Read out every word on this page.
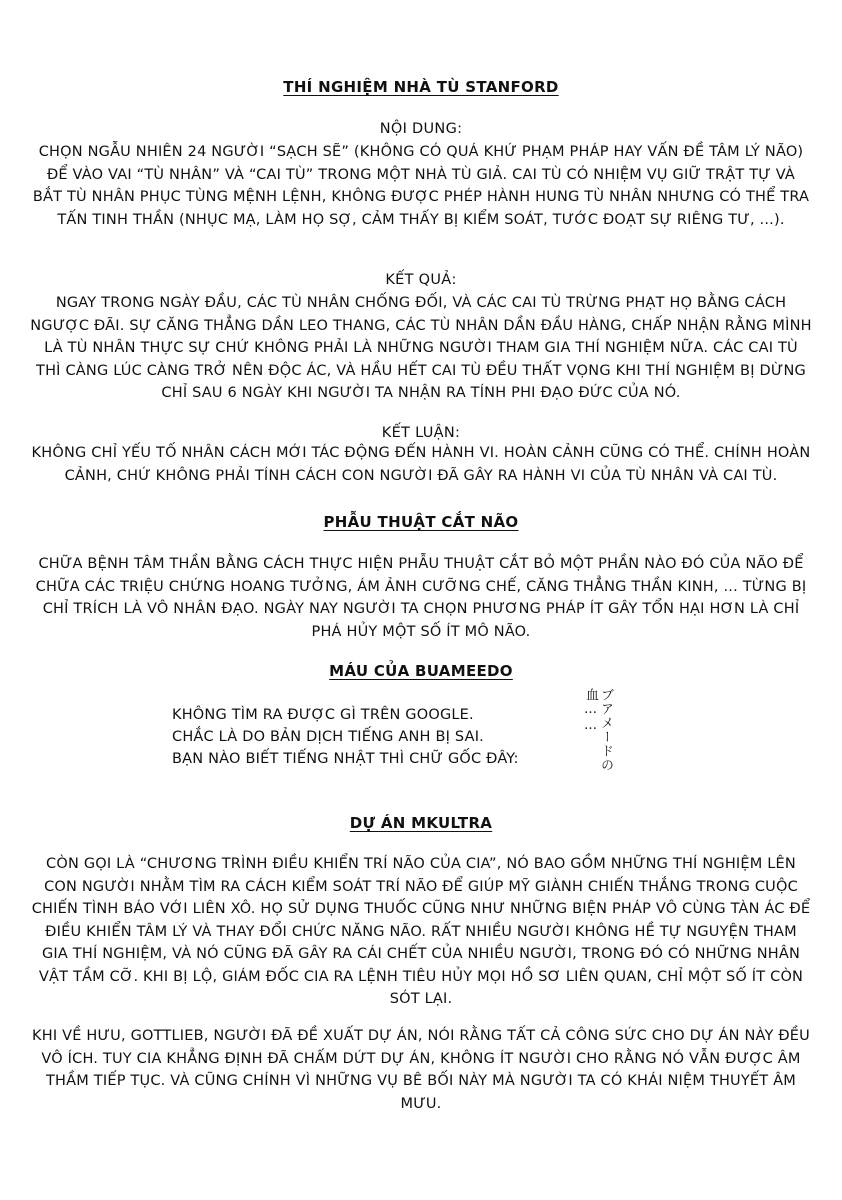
THÍ NGHIỆM NHÀ TÙ STANFORD
NỘI DUNG:
CHỌN NGẪU NHIÊN 24 NGƯỜI “SẠCH SẼ” (KHÔNG CÓ QUÁ KHỨ PHẠM PHÁP HAY VẤN ĐỀ TÂM LÝ NÃO) ĐỂ VÀO VAI “TÙ NHÂN” VÀ “CAI TÙ” TRONG MỘT NHÀ TÙ GIẢ. CAI TÙ CÓ NHIỆM VỤ GIỮ TRẬT TỰ VÀ BẮT TÙ NHÂN PHỤC TÙNG MỆNH LỆNH, KHÔNG ĐƯỢC PHÉP HÀNH HUNG TÙ NHÂN NHƯNG CÓ THỂ TRA TẤN TINH THẦN (NHỤC MẠ, LÀM HỌ SỢ, CẢM THẤY BỊ KIỂM SOÁT, TƯỚC ĐOẠT SỰ RIÊNG TƯ, ...).
KẾT QUẢ:
NGAY TRONG NGÀY ĐẦU, CÁC TÙ NHÂN CHỐNG ĐỐI, VÀ CÁC CAI TÙ TRỪNG PHẠT HỌ BẰNG CÁCH NGƯỢC ĐÃI. SỰ CĂNG THẲNG DẦN LEO THANG, CÁC TÙ NHÂN DẦN ĐẦU HÀNG, CHẤP NHẬN RẰNG MÌNH LÀ TÙ NHÂN THỰC SỰ CHỨ KHÔNG PHẢI LÀ NHỮNG NGƯỜI THAM GIA THÍ NGHIỆM NỮA. CÁC CAI TÙ THÌ CÀNG LÚC CÀNG TRỞ NÊN ĐỘC ÁC, VÀ HẦU HẾT CAI TÙ ĐỀU THẤT VỌNG KHI THÍ NGHIỆM BỊ DỪNG CHỈ SAU 6 NGÀY KHI NGƯỜI TA NHẬN RA TÍNH PHI ĐẠO ĐỨC CỦA NÓ.
KẾT LUẬN:
KHÔNG CHỈ YẾU TỐ NHÂN CÁCH MỚI TÁC ĐỘNG ĐẾN HÀNH VI. HOÀN CẢNH CŨNG CÓ THỂ. CHÍNH HOÀN CẢNH, CHỨ KHÔNG PHẢI TÍNH CÁCH CON NGƯỜI ĐÃ GÂY RA HÀNH VI CỦA TÙ NHÂN VÀ CAI TÙ.
PHẪU THUẬT CẮT NÃO
CHỮA BỆNH TÂM THẦN BẰNG CÁCH THỰC HIỆN PHẪU THUẬT CẮT BỎ MỘT PHẦN NÀO ĐÓ CỦA NÃO ĐỂ CHỮA CÁC TRIỆU CHỨNG HOANG TƯỞNG, ÁM ẢNH CƯỠNG CHẾ, CĂNG THẲNG THẦN KINH, ... TỪNG BỊ CHỈ TRÍCH LÀ VÔ NHÂN ĐẠO. NGÀY NAY NGƯỜI TA CHỌN PHƯƠNG PHÁP ÍT GÂY TỔN HẠI HƠN LÀ CHỈ PHÁ HỦY MỘT SỐ ÍT MÔ NÃO.
MÁU CỦA BUAMEEDO
KHÔNG TÌM RA ĐƯỢC GÌ TRÊN GOOGLE.
CHẮC LÀ DO BẢN DỊCH TIẾNG ANH BỊ SAI.
BẠN NÀO BIẾT TIẾNG NHẬT THÌ CHỮ GỐC ĐÂY:	ブアメードの
血……
DỰ ÁN MKULTRA
CÒN GỌI LÀ “CHƯƠNG TRÌNH ĐIỀU KHIỂN TRÍ NÃO CỦA CIA”, NÓ BAO GỒM NHỮNG THÍ NGHIỆM LÊN CON NGƯỜI NHẰM TÌM RA CÁCH KIỂM SOÁT TRÍ NÃO ĐỂ GIÚP MỸ GIÀNH CHIẾN THẮNG TRONG CUỘC CHIẾN TÌNH BÁO VỚI LIÊN XÔ. HỌ SỬ DỤNG THUỐC CŨNG NHƯ NHỮNG BIỆN PHÁP VÔ CÙNG TÀN ÁC ĐỂ ĐIỀU KHIỂN TÂM LÝ VÀ THAY ĐỔI CHỨC NĂNG NÃO. RẤT NHIỀU NGƯỜI KHÔNG HỀ TỰ NGUYỆN THAM GIA THÍ NGHIỆM, VÀ NÓ CŨNG ĐÃ GÂY RA CÁI CHẾT CỦA NHIỀU NGƯỜI, TRONG ĐÓ CÓ NHỮNG NHÂN VẬT TẦM CỠ. KHI BỊ LỘ, GIÁM ĐỐC CIA RA LỆNH TIÊU HỦY MỌI HỒ SƠ LIÊN QUAN, CHỈ MỘT SỐ ÍT CÒN SÓT LẠI.
KHI VỀ HƯU, GOTTLIEB, NGƯỜI ĐÃ ĐỀ XUẤT DỰ ÁN, NÓI RẰNG TẤT CẢ CÔNG SỨC CHO DỰ ÁN NÀY ĐỀU VÔ ÍCH. TUY CIA KHẲNG ĐỊNH ĐÃ CHẤM DỨT DỰ ÁN, KHÔNG ÍT NGƯỜI CHO RẰNG NÓ VẪN ĐƯỢC ÂM THẦM TIẾP TỤC. VÀ CŨNG CHÍNH VÌ NHỮNG VỤ BÊ BỐI NÀY MÀ NGƯỜI TA CÓ KHÁI NIỆM THUYẾT ÂM MƯU.
